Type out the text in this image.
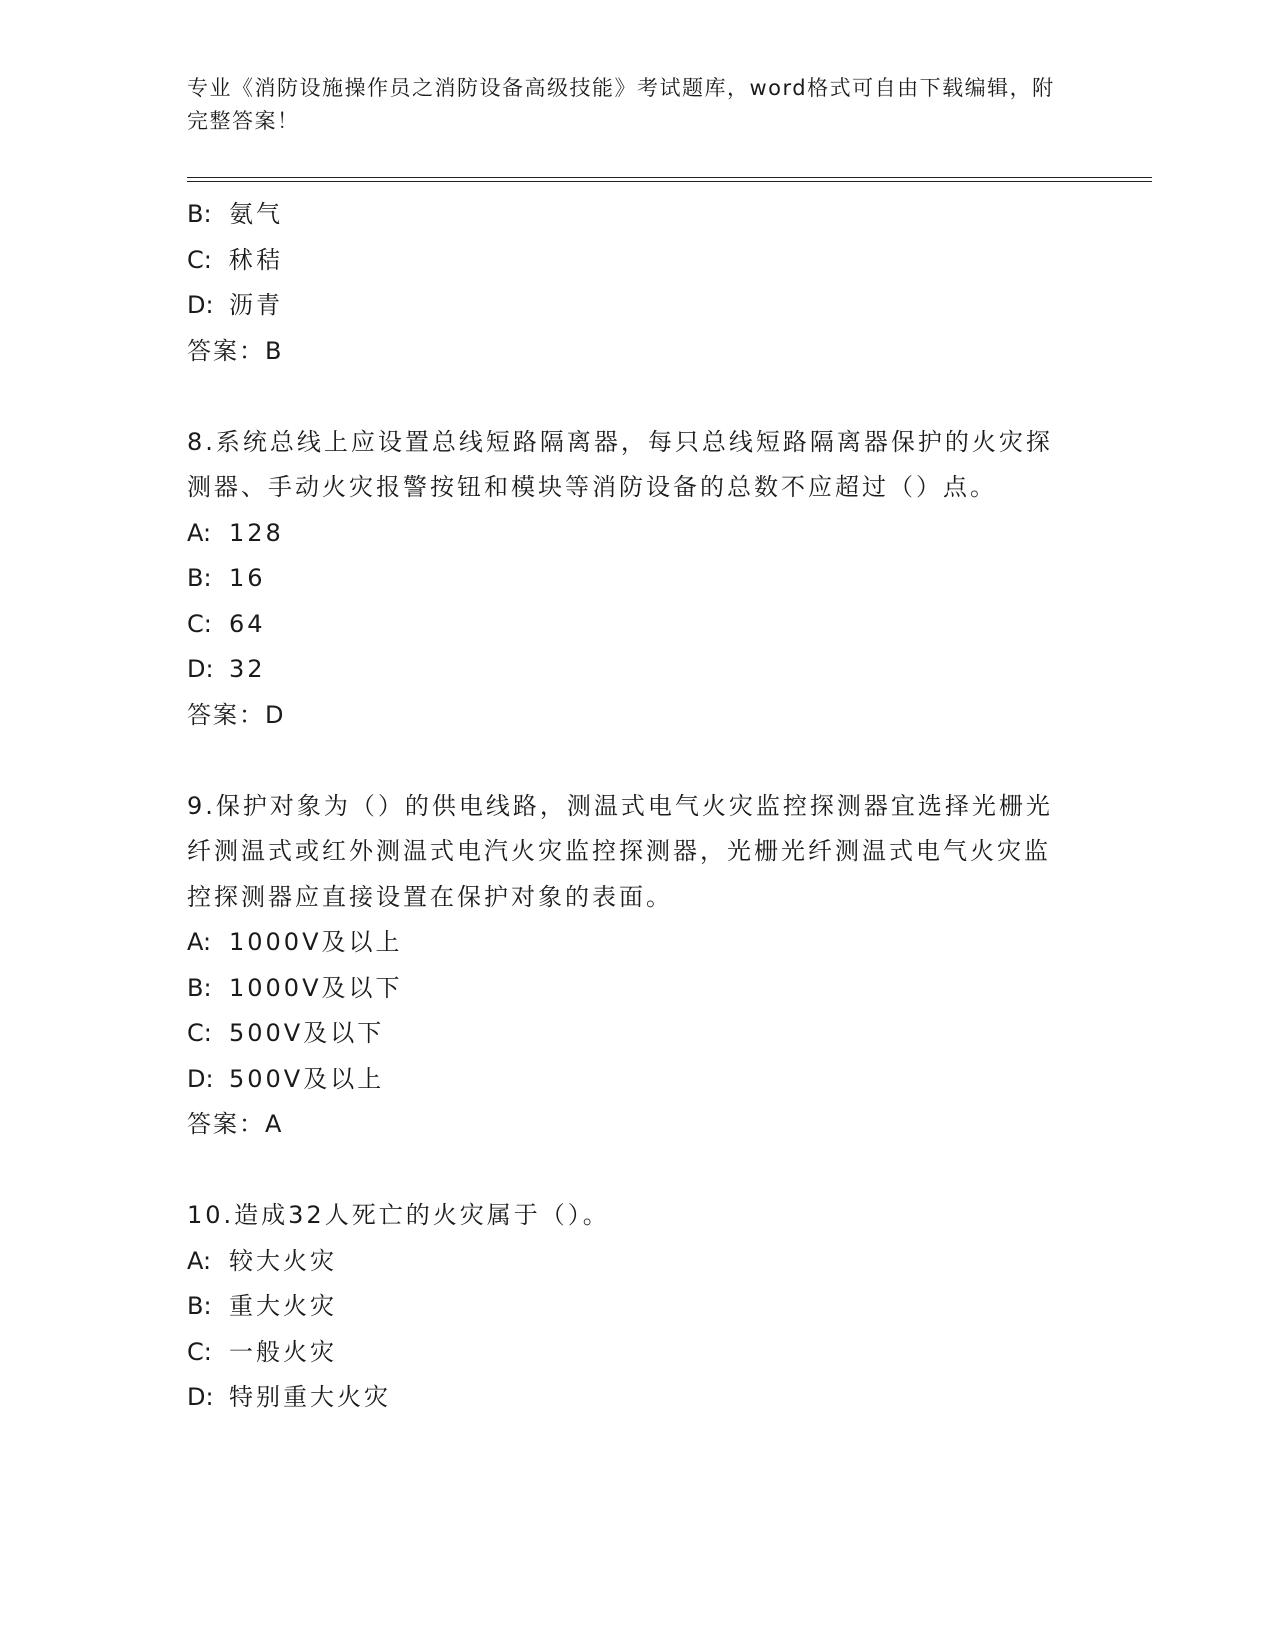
专业《消防设施操作员之消防设备高级技能》考试题库，word格式可自由下载编辑，附完整答案！
B: 氨气
C: 秫秸
D: 沥青
答案：B
8.系统总线上应设置总线短路隔离器，每只总线短路隔离器保护的火灾探测器、手动火灾报警按钮和模块等消防设备的总数不应超过（）点。
A: 128
B: 16
C: 64
D: 32
答案：D
9.保护对象为（）的供电线路，测温式电气火灾监控探测器宜选择光栅光纤测温式或红外测温式电汽火灾监控探测器，光栅光纤测温式电气火灾监控探测器应直接设置在保护对象的表面。
A: 1000V及以上
B: 1000V及以下
C: 500V及以下
D: 500V及以上
答案：A
10.造成32人死亡的火灾属于（）。
A: 较大火灾
B: 重大火灾
C: 一般火灾
D: 特别重大火灾
